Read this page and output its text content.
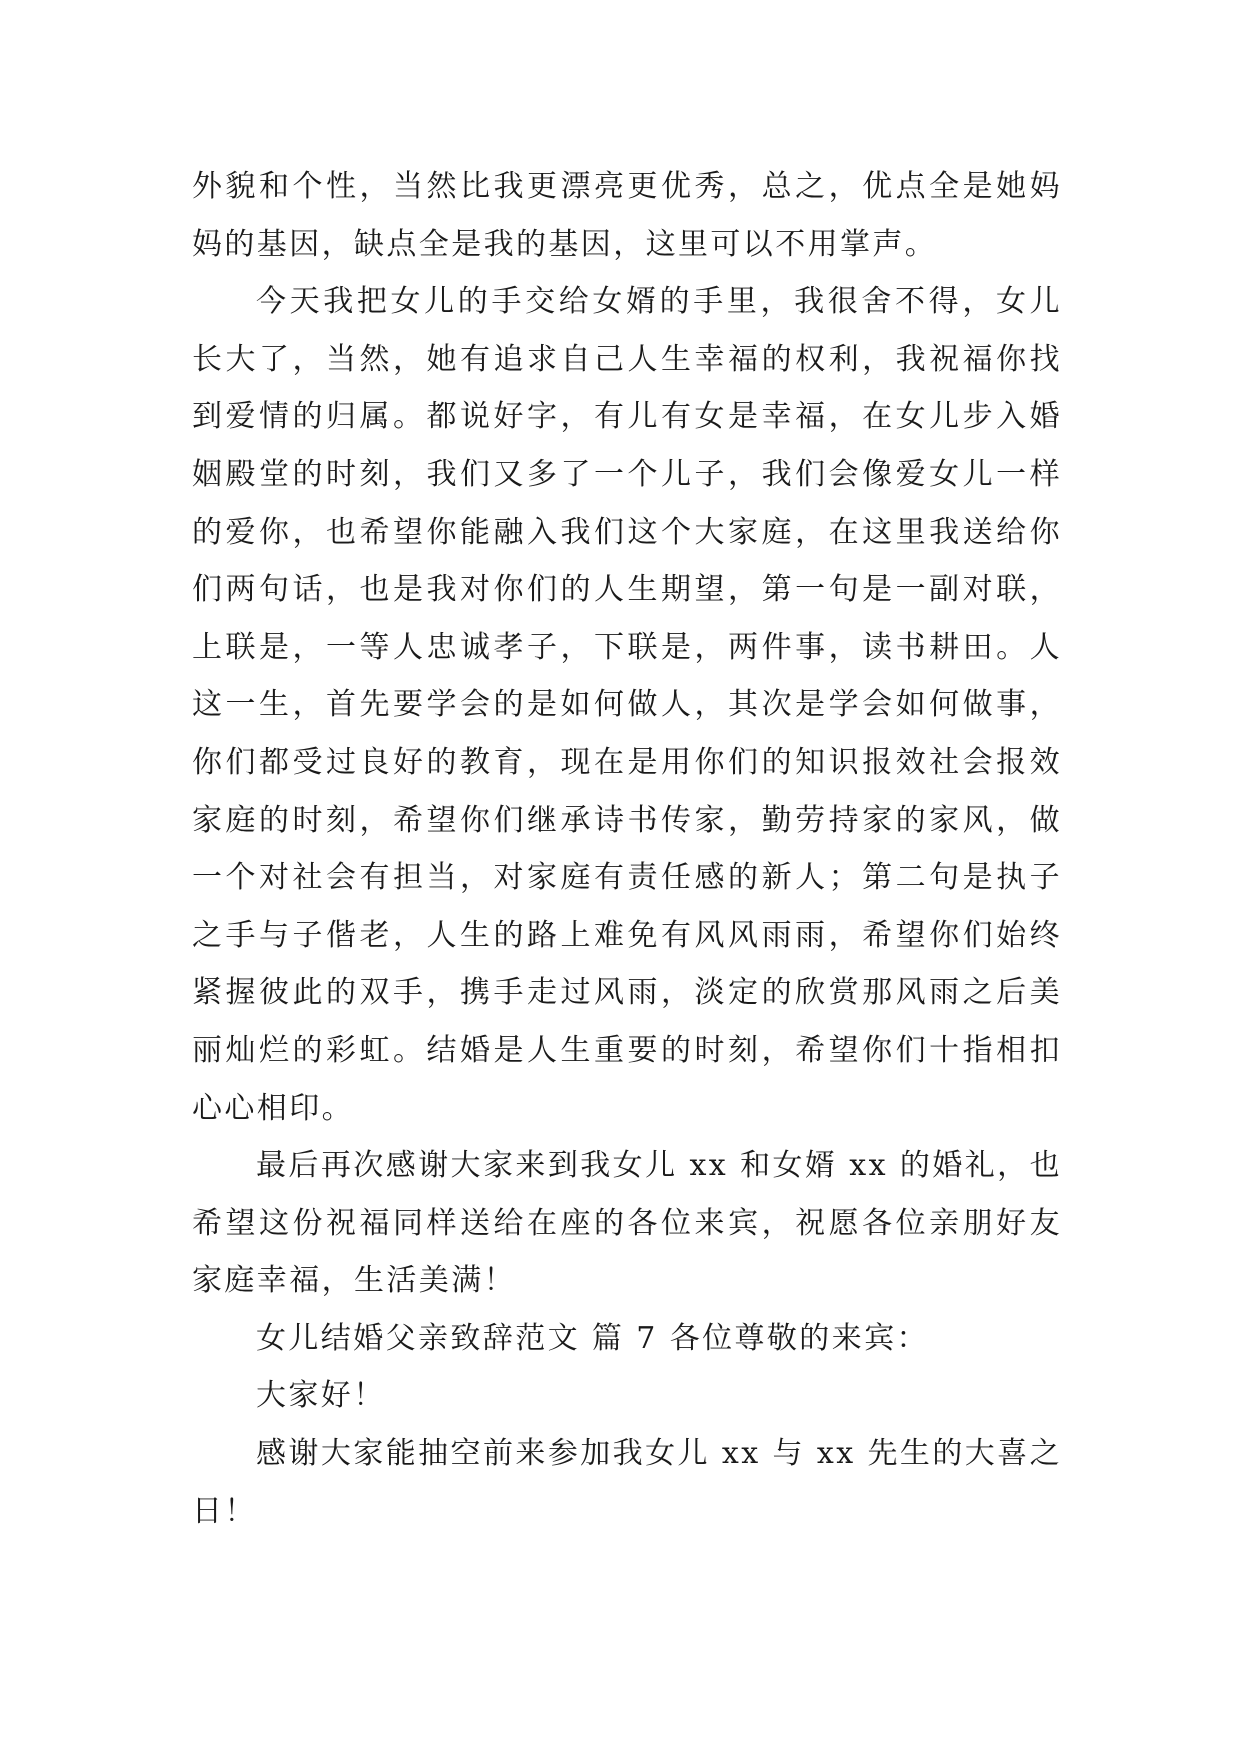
外貌和个性，当然比我更漂亮更优秀，总之，优点全是她妈妈的基因，缺点全是我的基因，这里可以不用掌声。

今天我把女儿的手交给女婿的手里，我很舍不得，女儿长大了，当然，她有追求自己人生幸福的权利，我祝福你找到爱情的归属。都说好字，有儿有女是幸福，在女儿步入婚姻殿堂的时刻，我们又多了一个儿子，我们会像爱女儿一样的爱你，也希望你能融入我们这个大家庭，在这里我送给你们两句话，也是我对你们的人生期望，第一句是一副对联，上联是，一等人忠诚孝子，下联是，两件事，读书耕田。人这一生，首先要学会的是如何做人，其次是学会如何做事，你们都受过良好的教育，现在是用你们的知识报效社会报效家庭的时刻，希望你们继承诗书传家，勤劳持家的家风，做一个对社会有担当，对家庭有责任感的新人；第二句是执子之手与子偕老，人生的路上难免有风风雨雨，希望你们始终紧握彼此的双手，携手走过风雨，淡定的欣赏那风雨之后美丽灿烂的彩虹。结婚是人生重要的时刻，希望你们十指相扣心心相印。

最后再次感谢大家来到我女儿 xx 和女婿 xx 的婚礼，也希望这份祝福同样送给在座的各位来宾，祝愿各位亲朋好友家庭幸福，生活美满！

女儿结婚父亲致辞范文 篇 7 各位尊敬的来宾：

大家好！

感谢大家能抽空前来参加我女儿 xx 与 xx 先生的大喜之日！
